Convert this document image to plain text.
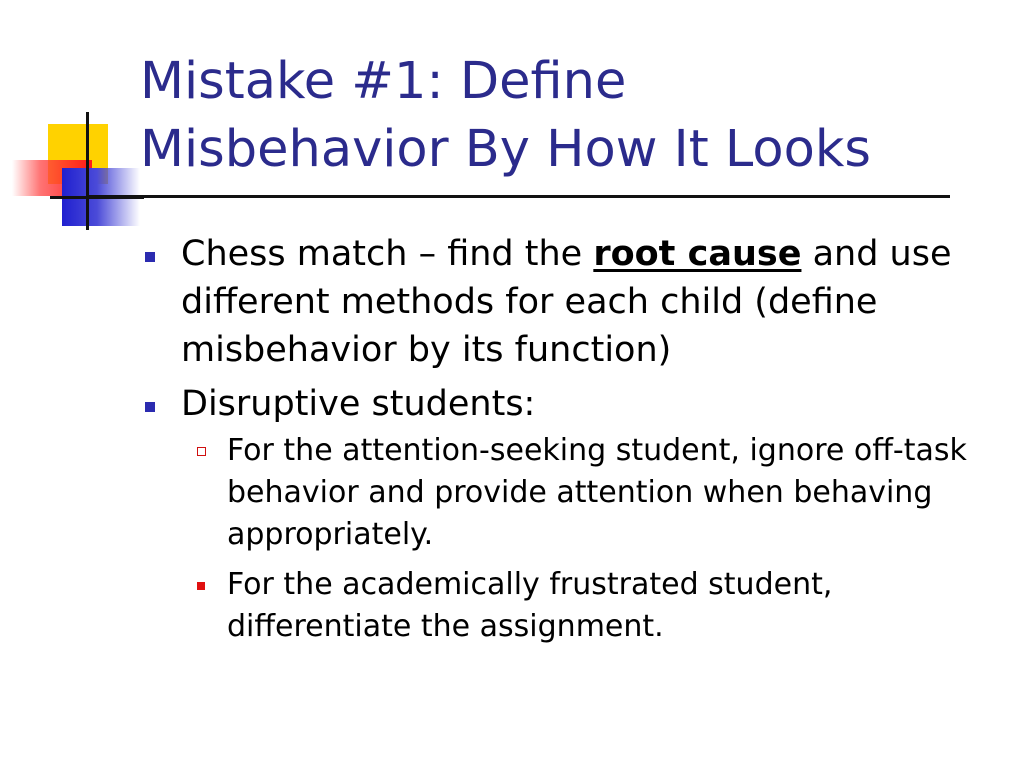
Mistake #1: Define
Misbehavior By How It Looks
Chess match – find the root cause and use different methods for each child (define misbehavior by its function)
Disruptive students:
For the attention-seeking student, ignore off-task behavior and provide attention when behaving appropriately.
For the academically frustrated student, differentiate the assignment.
